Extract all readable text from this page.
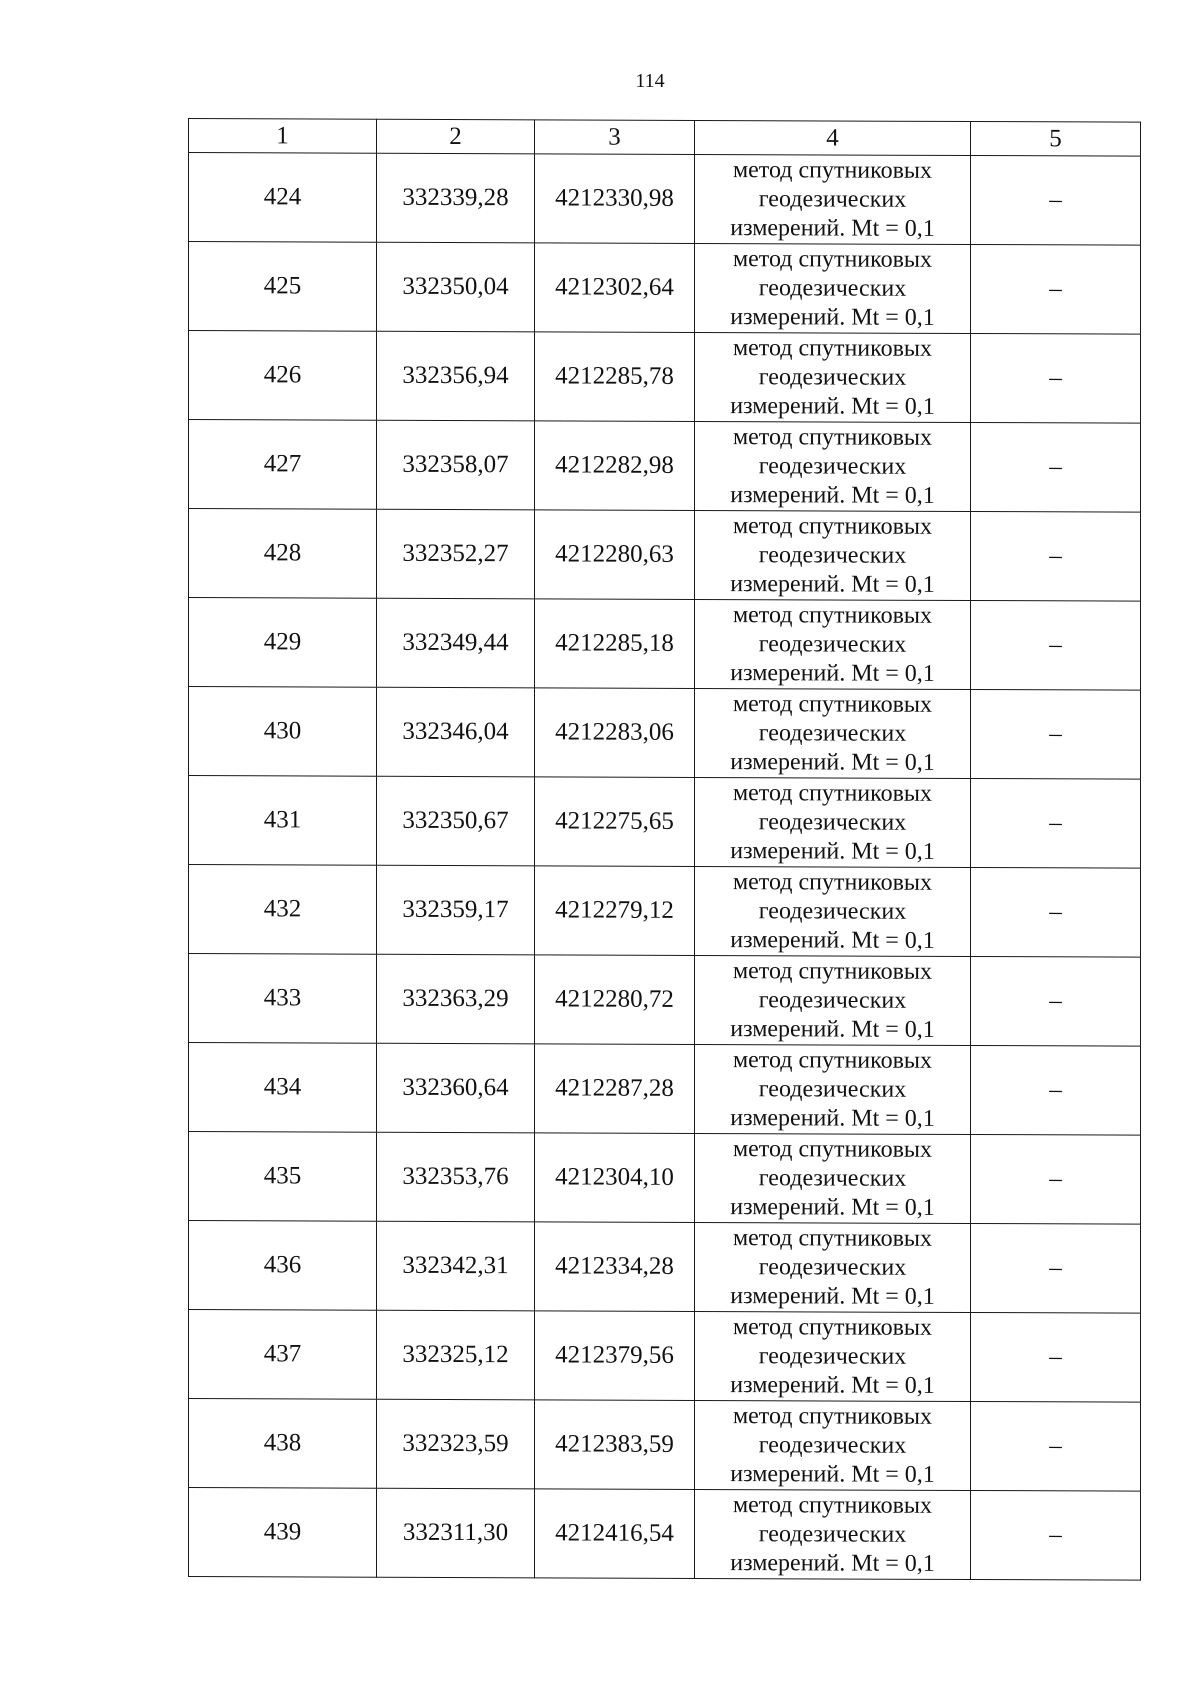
114
1	2	3	4	5
424	332339,28	4212330,98	метод спутниковых
геодезических
измерений. Mt = 0,1	–
425	332350,04	4212302,64	метод спутниковых
геодезических
измерений. Mt = 0,1	–
426	332356,94	4212285,78	метод спутниковых
геодезических
измерений. Mt = 0,1	–
427	332358,07	4212282,98	метод спутниковых
геодезических
измерений. Mt = 0,1	–
428	332352,27	4212280,63	метод спутниковых
геодезических
измерений. Mt = 0,1	–
429	332349,44	4212285,18	метод спутниковых
геодезических
измерений. Mt = 0,1	–
430	332346,04	4212283,06	метод спутниковых
геодезических
измерений. Mt = 0,1	–
431	332350,67	4212275,65	метод спутниковых
геодезических
измерений. Mt = 0,1	–
432	332359,17	4212279,12	метод спутниковых
геодезических
измерений. Mt = 0,1	–
433	332363,29	4212280,72	метод спутниковых
геодезических
измерений. Mt = 0,1	–
434	332360,64	4212287,28	метод спутниковых
геодезических
измерений. Mt = 0,1	–
435	332353,76	4212304,10	метод спутниковых
геодезических
измерений. Mt = 0,1	–
436	332342,31	4212334,28	метод спутниковых
геодезических
измерений. Mt = 0,1	–
437	332325,12	4212379,56	метод спутниковых
геодезических
измерений. Mt = 0,1	–
438	332323,59	4212383,59	метод спутниковых
геодезических
измерений. Mt = 0,1	–
439	332311,30	4212416,54	метод спутниковых
геодезических
измерений. Mt = 0,1	–
